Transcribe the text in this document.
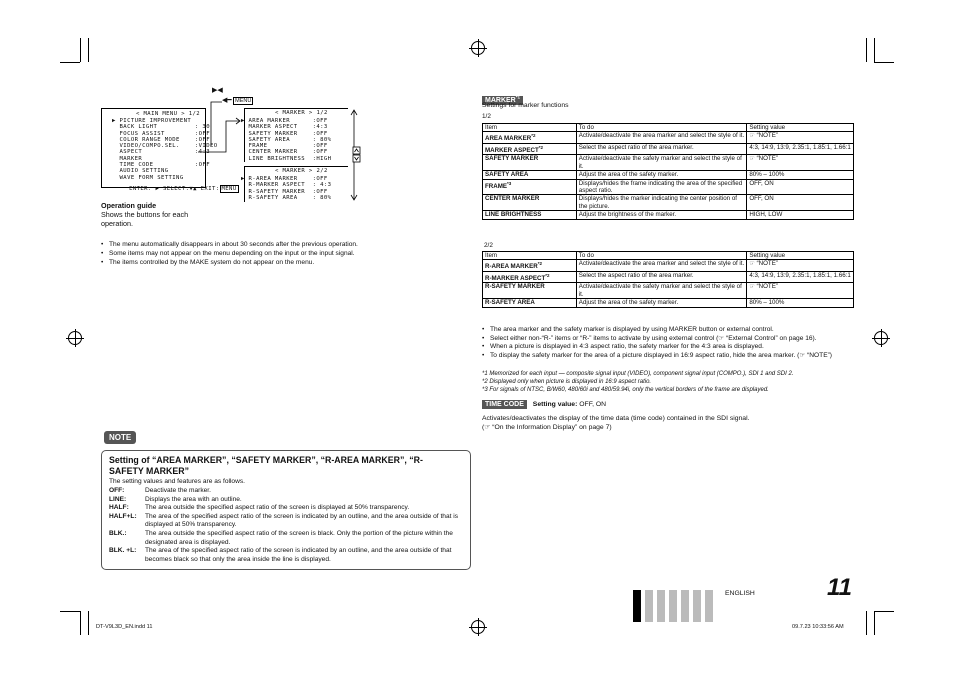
▶◀
◀━ MENU
< MAIN MENU > 1/2
▶ PICTURE IMPROVEMENT
BACK LIGHT          : 30
FOCUS ASSIST        :OFF
COLOR RANGE MODE    :OFF
VIDEO/COMPO.SEL.    :VIDEO
ASPECT              :4:3
MARKER
TIME CODE           :OFF
AUDIO SETTING
WAVE FORM SETTING

ENTER: ▶ SELECT:▼▲ EXIT: MENU

< MARKER > 1/2
▶ AREA MARKER      :OFF
MARKER ASPECT    :4:3
SAFETY MARKER    :OFF
SAFETY AREA      : 80%
FRAME            :OFF
CENTER MARKER    :OFF
LINE BRIGHTNESS  :HIGH
< MARKER > 2/2
▶ R-AREA MARKER    :OFF
R-MARKER ASPECT  : 4:3
R-SAFETY MARKER  :OFF
R-SAFETY AREA    : 80%
Operation guide
Shows the buttons for each operation.
• The menu automatically disappears in about 30 seconds after the previous operation.
• Some items may not appear on the menu depending on the input or the input signal.
• The items controlled by the MAKE system do not appear on the menu.
NOTE
Setting of “AREA MARKER”, “SAFETY MARKER”, “R-AREA MARKER”, “R-SAFETY MARKER”
The setting values and features are as follows.
OFF:	Deactivate the marker.
LINE:	Displays the area with an outline.
HALF:	The area outside the specified aspect ratio of the screen is displayed at 50% transparency.
HALF+L:	The area of the specified aspect ratio of the screen is indicated by an outline, and the area outside of that is displayed at 50% transparency.
BLK.:	The area outside the specified aspect ratio of the screen is black. Only the portion of the picture within the designated area is displayed.
BLK. +L:	The area of the specified aspect ratio of the screen is indicated by an outline, and the area outside of that becomes black so that only the area inside the line is displayed.
MARKER$^{*1}$
Settings for marker functions
1/2
Item	To do	Setting value
AREA MARKER$^{*2}$	Activate/deactivate the area marker and select the style of it.	☞ “NOTE”
MARKER ASPECT$^{*2}$	Select the aspect ratio of the area marker.	4:3, 14:9, 13:9, 2.35:1, 1.85:1, 1.66:1
SAFETY MARKER	Activate/deactivate the safety marker and select the style of it.	☞ “NOTE”
SAFETY AREA	Adjust the area of the safety marker.	80% – 100%
FRAME$^{*3}$	Displays/hides the frame indicating the area of the specified aspect ratio.	OFF, ON
CENTER MARKER	Displays/hides the marker indicating the center position of the picture.	OFF, ON
LINE BRIGHTNESS	Adjust the brightness of the marker.	HIGH, LOW
2/2
Item	To do	Setting value
R-AREA MARKER$^{*2}$	Activate/deactivate the area marker and select the style of it.	☞ “NOTE”
R-MARKER ASPECT$^{*2}$	Select the aspect ratio of the area marker.	4:3, 14:9, 13:9, 2.35:1, 1.85:1, 1.66:1
R-SAFETY MARKER	Activate/deactivate the safety marker and select the style of it.	☞ “NOTE”
R-SAFETY AREA	Adjust the area of the safety marker.	80% – 100%
• The area marker and the safety marker is displayed by using MARKER button or external control.
• Select either non-“R-” items or “R-” items to activate by using external control (☞ “External Control” on page 16).
• When a picture is displayed in 4:3 aspect ratio, the safety marker for the 4:3 area is displayed.
• To display the safety marker for the area of a picture displayed in 16:9 aspect ratio, hide the area marker. (☞ “NOTE”)
*1 Memorized for each input — composite signal input (VIDEO), component signal input (COMPO.), SDI 1 and SDI 2.
*2 Displayed only when picture is displayed in 16:9 aspect ratio.
*3 For signals of NTSC, B/W60, 480/60i and 480/59.94i, only the vertical borders of the frame are displayed.
TIME CODE Setting value: OFF, ON
Activates/deactivates the display of the time data (time code) contained in the SDI signal.
(☞ “On the Information Display” on page 7)
ENGLISH	11
DT-V9L3D_EN.indd 11	09.7.23 10:33:56 AM
